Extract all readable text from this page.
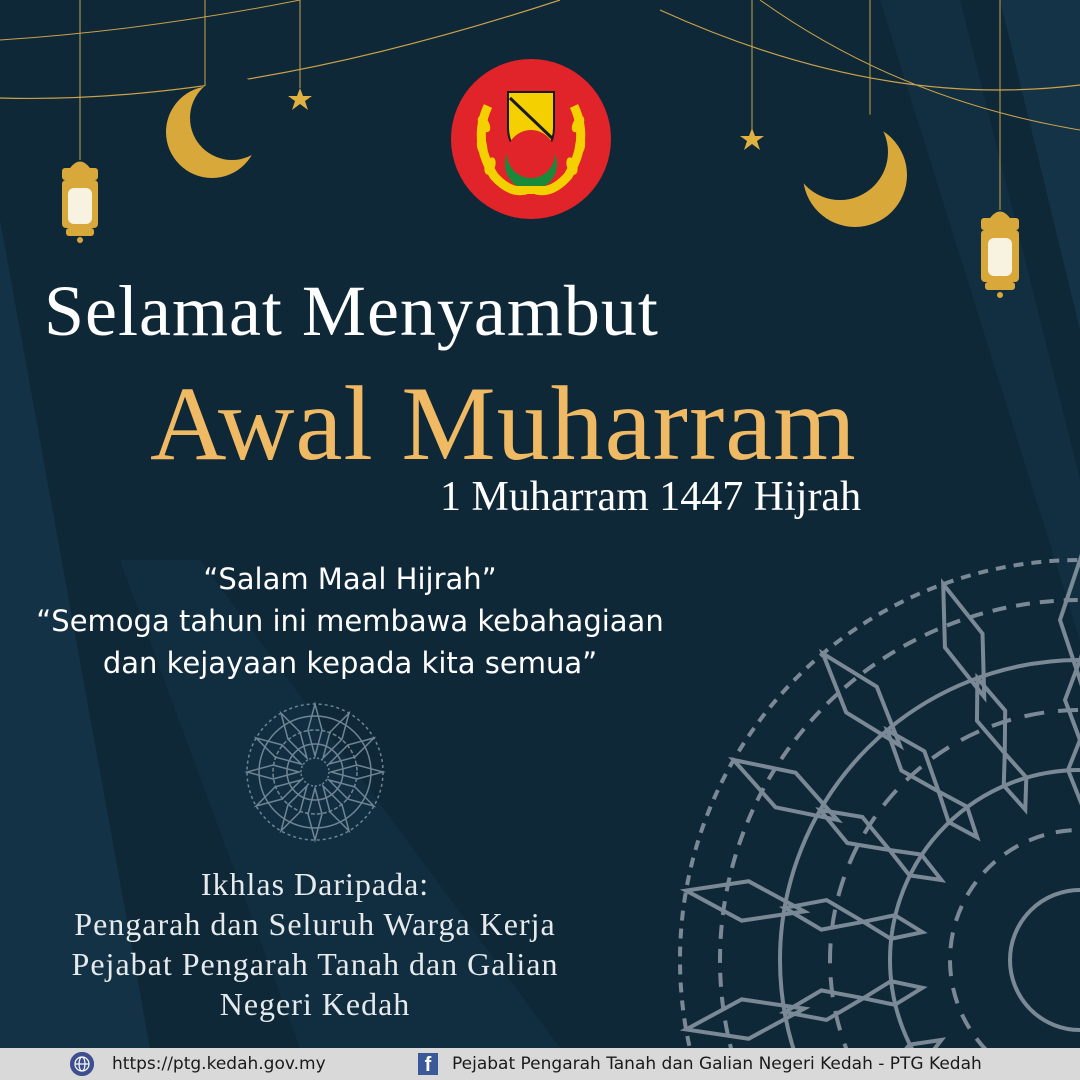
Selamat Menyambut
Awal Muharram
1 Muharram 1447 Hijrah
“Salam Maal Hijrah”
“Semoga tahun ini membawa kebahagiaan
dan kejayaan kepada kita semua”
Ikhlas Daripada:
Pengarah dan Seluruh Warga Kerja
Pejabat Pengarah Tanah dan Galian
Negeri Kedah
https://ptg.kedah.gov.my	f	Pejabat Pengarah Tanah dan Galian Negeri Kedah - PTG Kedah
